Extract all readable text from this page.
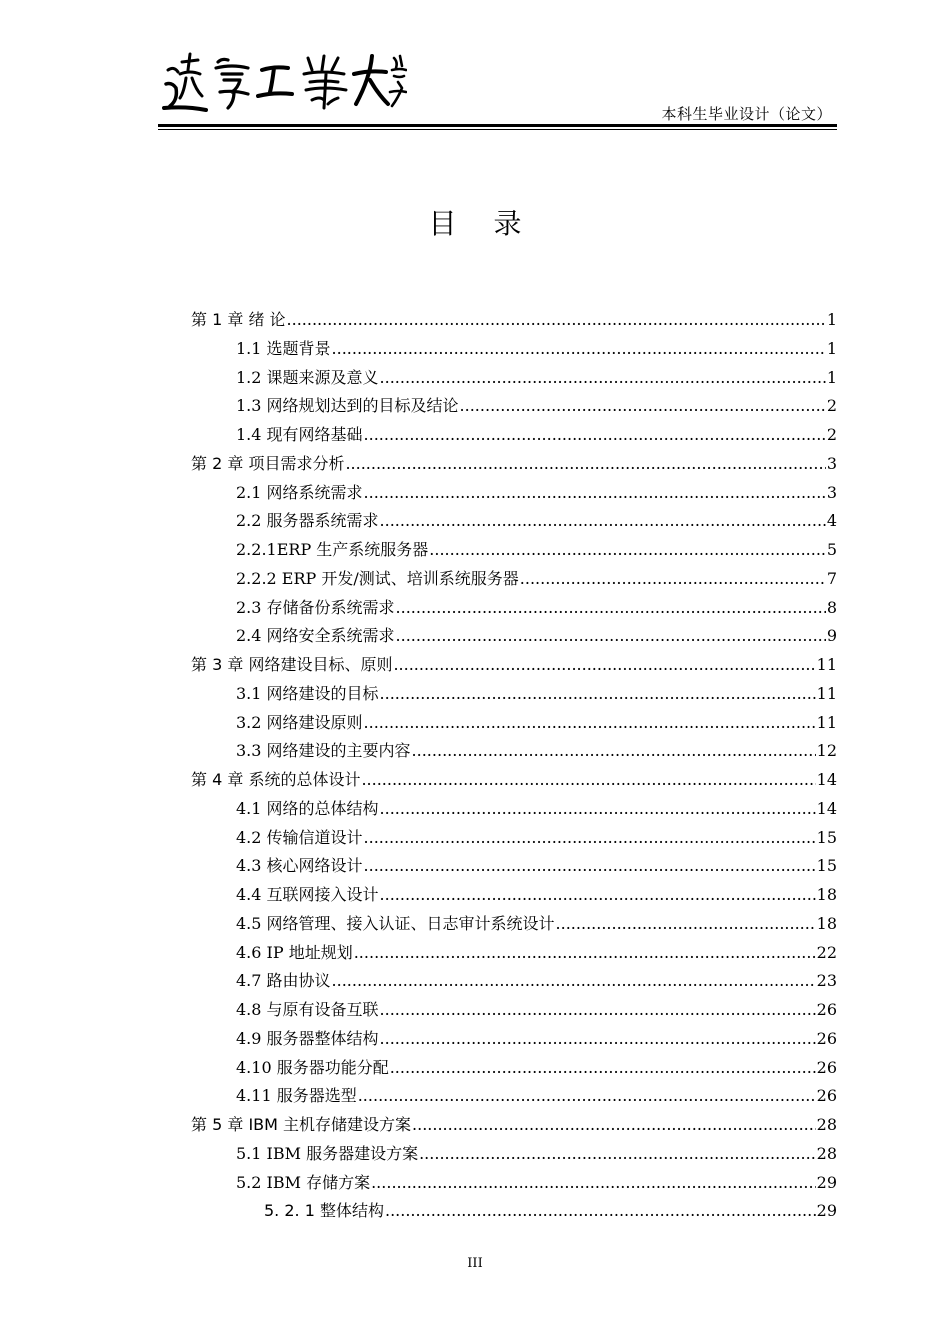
本科生毕业设计（论文）
目 录
第 1 章 绪 论 .....	1
1.1 选题背景 .....	1
1.2 课题来源及意义 .....	1
1.3 网络规划达到的目标及结论 .....	2
1.4 现有网络基础 .....	2
第 2 章 项目需求分析 .....	3
2.1 网络系统需求 .....	3
2.2 服务器系统需求 .....	4
2.2.1ERP 生产系统服务器 .....	5
2.2.2 ERP 开发/测试、培训系统服务器 .....	7
2.3 存储备份系统需求 .....	8
2.4 网络安全系统需求 .....	9
第 3 章 网络建设目标、原则 .....	11
3.1 网络建设的目标 .....	11
3.2 网络建设原则 .....	11
3.3 网络建设的主要内容 .....	12
第 4 章 系统的总体设计 .....	14
4.1 网络的总体结构 .....	14
4.2 传输信道设计 .....	15
4.3 核心网络设计 .....	15
4.4 互联网接入设计 .....	18
4.5 网络管理、接入认证、日志审计系统设计 .....	18
4.6 IP 地址规划 .....	22
4.7 路由协议 .....	23
4.8 与原有设备互联 .....	26
4.9 服务器整体结构 .....	26
4.10 服务器功能分配 .....	26
4.11 服务器选型 .....	26
第 5 章 IBM 主机存储建设方案 .....	28
5.1 IBM 服务器建设方案 .....	28
5.2 IBM 存储方案 .....	29
5. 2. 1 整体结构 .....	29
III
